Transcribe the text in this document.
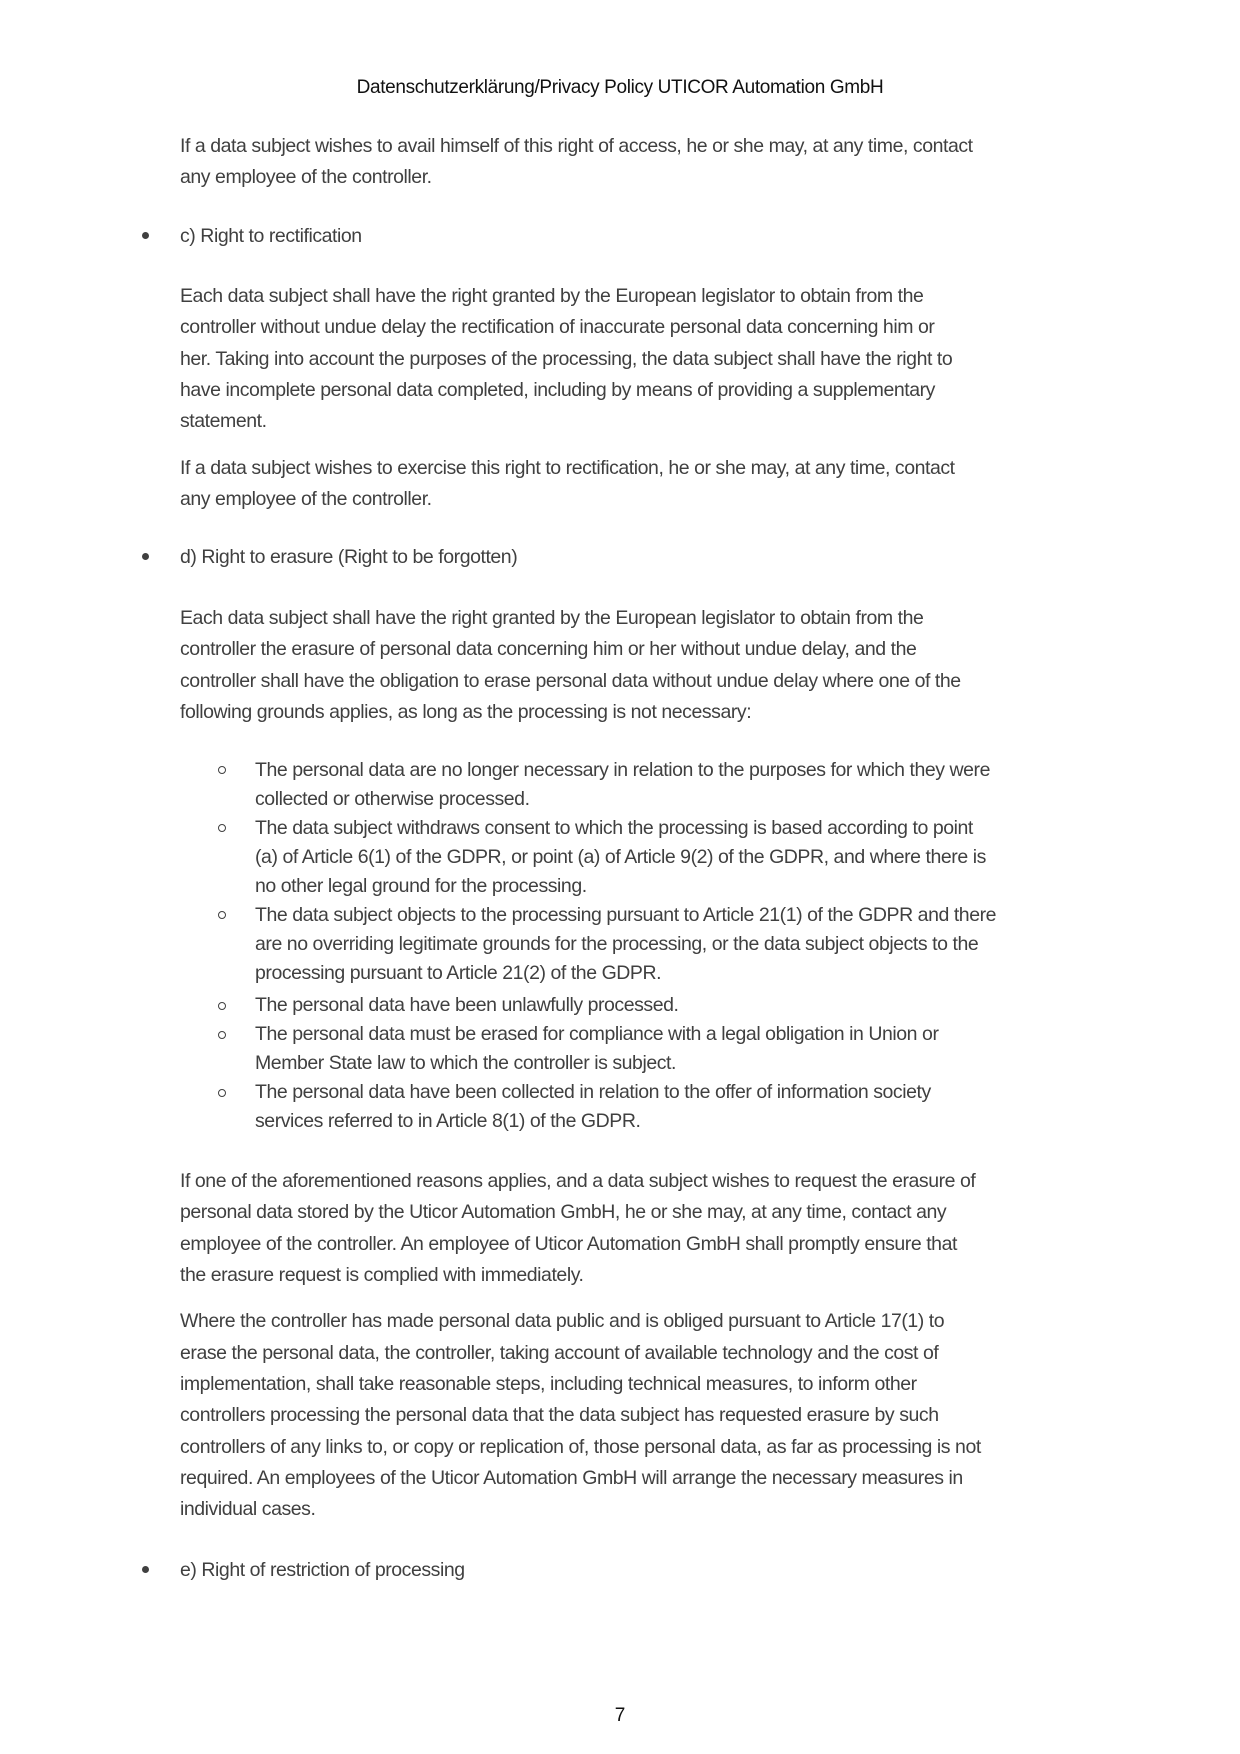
Datenschutzerklärung/Privacy Policy UTICOR Automation GmbH
If a data subject wishes to avail himself of this right of access, he or she may, at any time, contact
any employee of the controller.
c) Right to rectification
Each data subject shall have the right granted by the European legislator to obtain from the
controller without undue delay the rectification of inaccurate personal data concerning him or
her. Taking into account the purposes of the processing, the data subject shall have the right to
have incomplete personal data completed, including by means of providing a supplementary
statement.
If a data subject wishes to exercise this right to rectification, he or she may, at any time, contact
any employee of the controller.
d) Right to erasure (Right to be forgotten)
Each data subject shall have the right granted by the European legislator to obtain from the
controller the erasure of personal data concerning him or her without undue delay, and the
controller shall have the obligation to erase personal data without undue delay where one of the
following grounds applies, as long as the processing is not necessary:
The personal data are no longer necessary in relation to the purposes for which they were
collected or otherwise processed.
The data subject withdraws consent to which the processing is based according to point
(a) of Article 6(1) of the GDPR, or point (a) of Article 9(2) of the GDPR, and where there is
no other legal ground for the processing.
The data subject objects to the processing pursuant to Article 21(1) of the GDPR and there
are no overriding legitimate grounds for the processing, or the data subject objects to the
processing pursuant to Article 21(2) of the GDPR.
The personal data have been unlawfully processed.
The personal data must be erased for compliance with a legal obligation in Union or
Member State law to which the controller is subject.
The personal data have been collected in relation to the offer of information society
services referred to in Article 8(1) of the GDPR.
If one of the aforementioned reasons applies, and a data subject wishes to request the erasure of
personal data stored by the Uticor Automation GmbH, he or she may, at any time, contact any
employee of the controller. An employee of Uticor Automation GmbH shall promptly ensure that
the erasure request is complied with immediately.
Where the controller has made personal data public and is obliged pursuant to Article 17(1) to
erase the personal data, the controller, taking account of available technology and the cost of
implementation, shall take reasonable steps, including technical measures, to inform other
controllers processing the personal data that the data subject has requested erasure by such
controllers of any links to, or copy or replication of, those personal data, as far as processing is not
required. An employees of the Uticor Automation GmbH will arrange the necessary measures in
individual cases.
e) Right of restriction of processing
7
